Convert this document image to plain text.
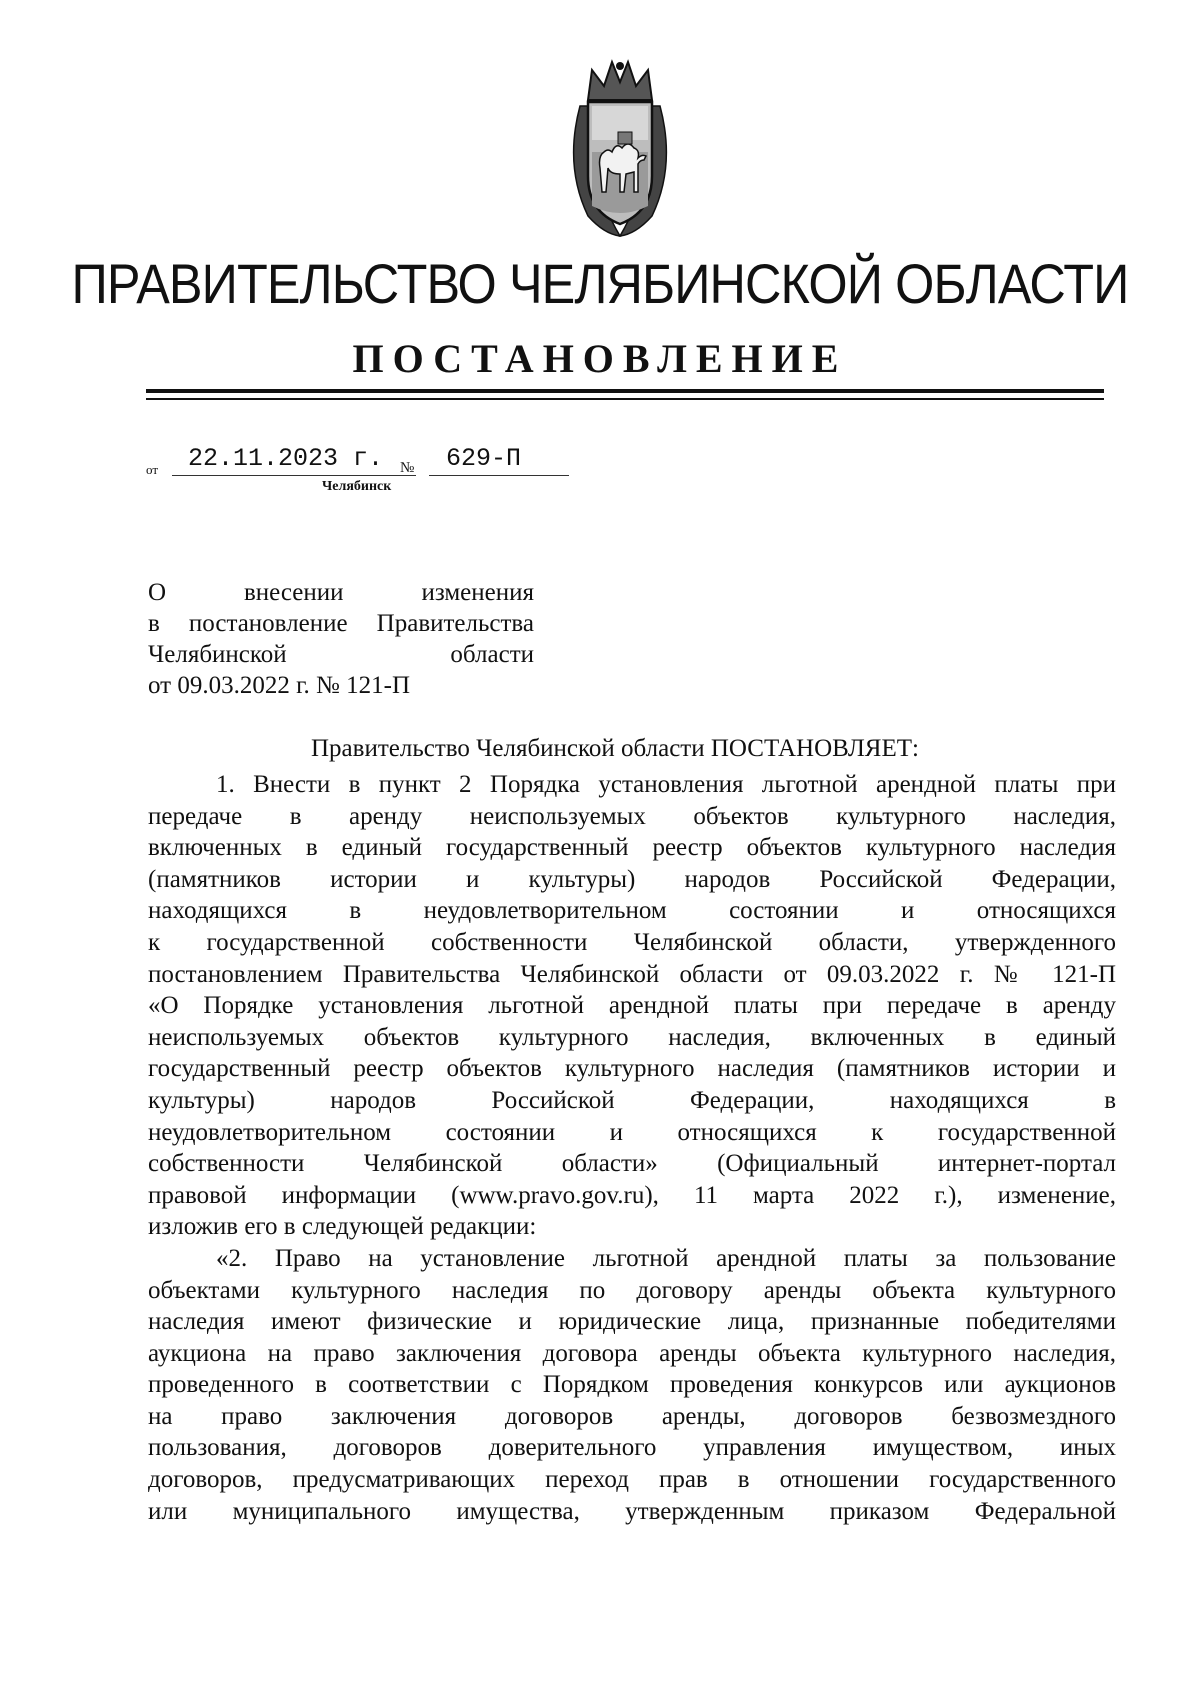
ПРАВИТЕЛЬСТВО ЧЕЛЯБИНСКОЙ ОБЛАСТИ
ПОСТАНОВЛЕНИЕ
от 22.11.2023 г. № 629-П
Челябинск

О внесении изменения
в постановление Правительства
Челябинской области
от 09.03.2022 г. № 121-П

Правительство Челябинской области ПОСТАНОВЛЯЕТ:

1. Внести в пункт 2 Порядка установления льготной арендной платы при
передаче в аренду неиспользуемых объектов культурного наследия,
включенных в единый государственный реестр объектов культурного наследия
(памятников истории и культуры) народов Российской Федерации,
находящихся в неудовлетворительном состоянии и относящихся
к государственной собственности Челябинской области, утвержденного
постановлением Правительства Челябинской области от 09.03.2022 г. № 121-П
«О Порядке установления льготной арендной платы при передаче в аренду
неиспользуемых объектов культурного наследия, включенных в единый
государственный реестр объектов культурного наследия (памятников истории и
культуры) народов Российской Федерации, находящихся в
неудовлетворительном состоянии и относящихся к государственной
собственности Челябинской области» (Официальный интернет-портал
правовой информации (www.pravo.gov.ru), 11 марта 2022 г.), изменение,
изложив его в следующей редакции:
«2. Право на установление льготной арендной платы за пользование
объектами культурного наследия по договору аренды объекта культурного
наследия имеют физические и юридические лица, признанные победителями
аукциона на право заключения договора аренды объекта культурного наследия,
проведенного в соответствии с Порядком проведения конкурсов или аукционов
на право заключения договоров аренды, договоров безвозмездного
пользования, договоров доверительного управления имуществом, иных
договоров, предусматривающих переход прав в отношении государственного
или муниципального имущества, утвержденным приказом Федеральной
